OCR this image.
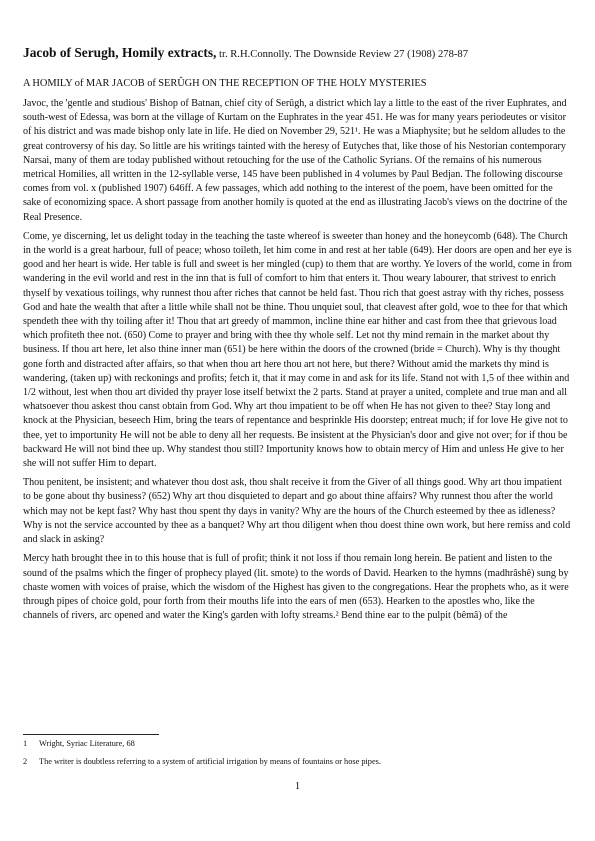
Jacob of Serugh, Homily extracts, tr. R.H.Connolly. The Downside Review 27 (1908) 278-87
A HOMILY of MAR JACOB of SERÛGH ON THE RECEPTION OF THE HOLY MYSTERIES

Javoc, the 'gentle and studious' Bishop of Batnan, chief city of Serûgh, a district which lay a little to the east of the river Euphrates, and south-west of Edessa, was born at the village of Kurtam on the Euphrates in the year 451. He was for many years periodeutes or visitor of his district and was made bishop only late in life. He died on November 29, 521¹. He was a Miaphysite; but he seldom alludes to the great controversy of his day. So little are his writings tainted with the heresy of Eutyches that, like those of his Nestorian contemporary Narsai, many of them are today published without retouching for the use of the Catholic Syrians. Of the remains of his numerous metrical Homilies, all written in the 12-syllable verse, 145 have been published in 4 volumes by Paul Bedjan. The following discourse comes from vol. x (published 1907) 646ff. A few passages, which add nothing to the interest of the poem, have been omitted for the sake of economizing space. A short passage from another homily is quoted at the end as illustrating Jacob's views on the doctrine of the Real Presence.

Come, ye discerning, let us delight today in the teaching the taste whereof is sweeter than honey and the honeycomb (648). The Church in the world is a great harbour, full of peace; whoso toileth, let him come in and rest at her table (649). Her doors are open and her eye is good and her heart is wide. Her table is full and sweet is her mingled (cup) to them that are worthy. Ye lovers of the world, come in from wandering in the evil world and rest in the inn that is full of comfort to him that enters it. Thou weary labourer, that strivest to enrich thyself by vexatious toilings, why runnest thou after riches that cannot be held fast. Thou rich that goest astray with thy riches, possess God and hate the wealth that after a little while shall not be thine. Thou unquiet soul, that cleavest after gold, woe to thee for that which spendeth thee with thy toiling after it! Thou that art greedy of mammon, incline thine ear hither and cast from thee that grievous load which profiteth thee not. (650) Come to prayer and bring with thee thy whole self. Let not thy mind remain in the market about thy business. If thou art here, let also thine inner man (651) be here within the doors of the crowned (bride = Church). Why is thy thought gone forth and distracted after affairs, so that when thou art here thou art not here, but there? Without amid the markets thy mind is wandering, (taken up) with reckonings and profits; fetch it, that it may come in and ask for its life. Stand not with 1,5 of thee within and 1/2 without, lest when thou art divided thy prayer lose itself betwixt the 2 parts. Stand at prayer a united, complete and true man and all whatsoever thou askest thou canst obtain from God. Why art thou impatient to be off when He has not given to thee? Stay long and knock at the Physician, beseech Him, bring the tears of repentance and besprinkle His doorstep; entreat much; if for love He give not to thee, yet to importunity He will not be able to deny all her requests. Be insistent at the Physician's door and give not over; for if thou be backward He will not bind thee up. Why standest thou still? Importunity knows how to obtain mercy of Him and unless He give to her she will not suffer Him to depart.

Thou penitent, be insistent; and whatever thou dost ask, thou shalt receive it from the Giver of all things good. Why art thou impatient to be gone about thy business? (652) Why art thou disquieted to depart and go about thine affairs? Why runnest thou after the world which may not be kept fast? Why hast thou spent thy days in vanity? Why are the hours of the Church esteemed by thee as idleness? Why is not the service accounted by thee as a banquet? Why art thou diligent when thou doest thine own work, but here remiss and cold and slack in asking?

Mercy hath brought thee in to this house that is full of profit; think it not loss if thou remain long herein. Be patient and listen to the sound of the psalms which the finger of prophecy played (lit. smote) to the words of David. Hearken to the hymns (madhrâshê) sung by chaste women with voices of praise, which the wisdom of the Highest has given to the congregations. Hear the prophets who, as it were through pipes of choice gold, pour forth from their mouths life into the ears of men (653). Hearken to the apostles who, like the channels of rivers, arc opened and water the King's garden with lofty streams.² Bend thine ear to the pulpit (bêmâ) of the

1	Wright, Syriac Literature, 68
2	The writer is doubtless referring to a system of artificial irrigation by means of fountains or hose pipes.
1
